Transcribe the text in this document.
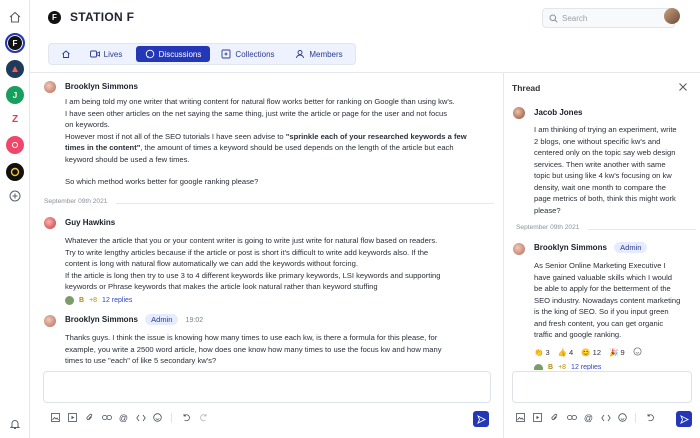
F
J
Z
F	STATION F
Search
Lives	Discussions	Collections	Members
Brooklyn Simmons
I am being told my one writer that writing content for natural flow works better for ranking on Google than using kw's.
I have seen other articles on the net saying the same thing, just write the article or page for the user and not focus
on keywords.
However most if not all of the SEO tutorials I have seen advise to "sprinkle each of your researched keywords a few
times in the content", the amount of times a keyword should be used depends on the length of the article but each
keyword should be used a few times.
So which method works better for google ranking please?
September 09th 2021
Guy Hawkins
Whatever the article that you or your content writer is going to write just write for natural flow based on readers.
Try to write lengthy articles because if the article or post is short it's difficult to write add keywords also. If the
content is long with natural flow automatically we can add the keywords without forcing.
If the article is long then try to use 3 to 4 different keywords like primary keywords, LSI keywords and supporting
keywords or Phrase keywords that makes the article look natural rather than keyword stuffing
B +8 12 replies
Brooklyn Simmons Admin 19:02
Thanks guys. I think the issue is knowing how many times to use each kw, is there a formula for this please, for
example, you write a 2500 word article, how does one know how many times to use the focus kw and how many
times to use "each" of like 5 secondary kw's?
@
Thread
Jacob Jones
I am thinking of trying an experiment, write
2 blogs, one without specific kw's and
centered only on the topic say web design
services. Then write another with same
topic but using like 4 kw's focusing on kw
density, wait one month to compare the
page metrics of both, think this might work
please?
September 09th 2021
Brooklyn Simmons Admin
As Senior Online Marketing Executive I
have gained valuable skills which I would
be able to apply for the betterment of the
SEO industry. Nowadays content marketing
is the king of SEO. So if you input green
and fresh content, you can get organic
traffic and google ranking.
👏 3 👍 4 😊 12 🎉 9
B +8 12 replies
@
